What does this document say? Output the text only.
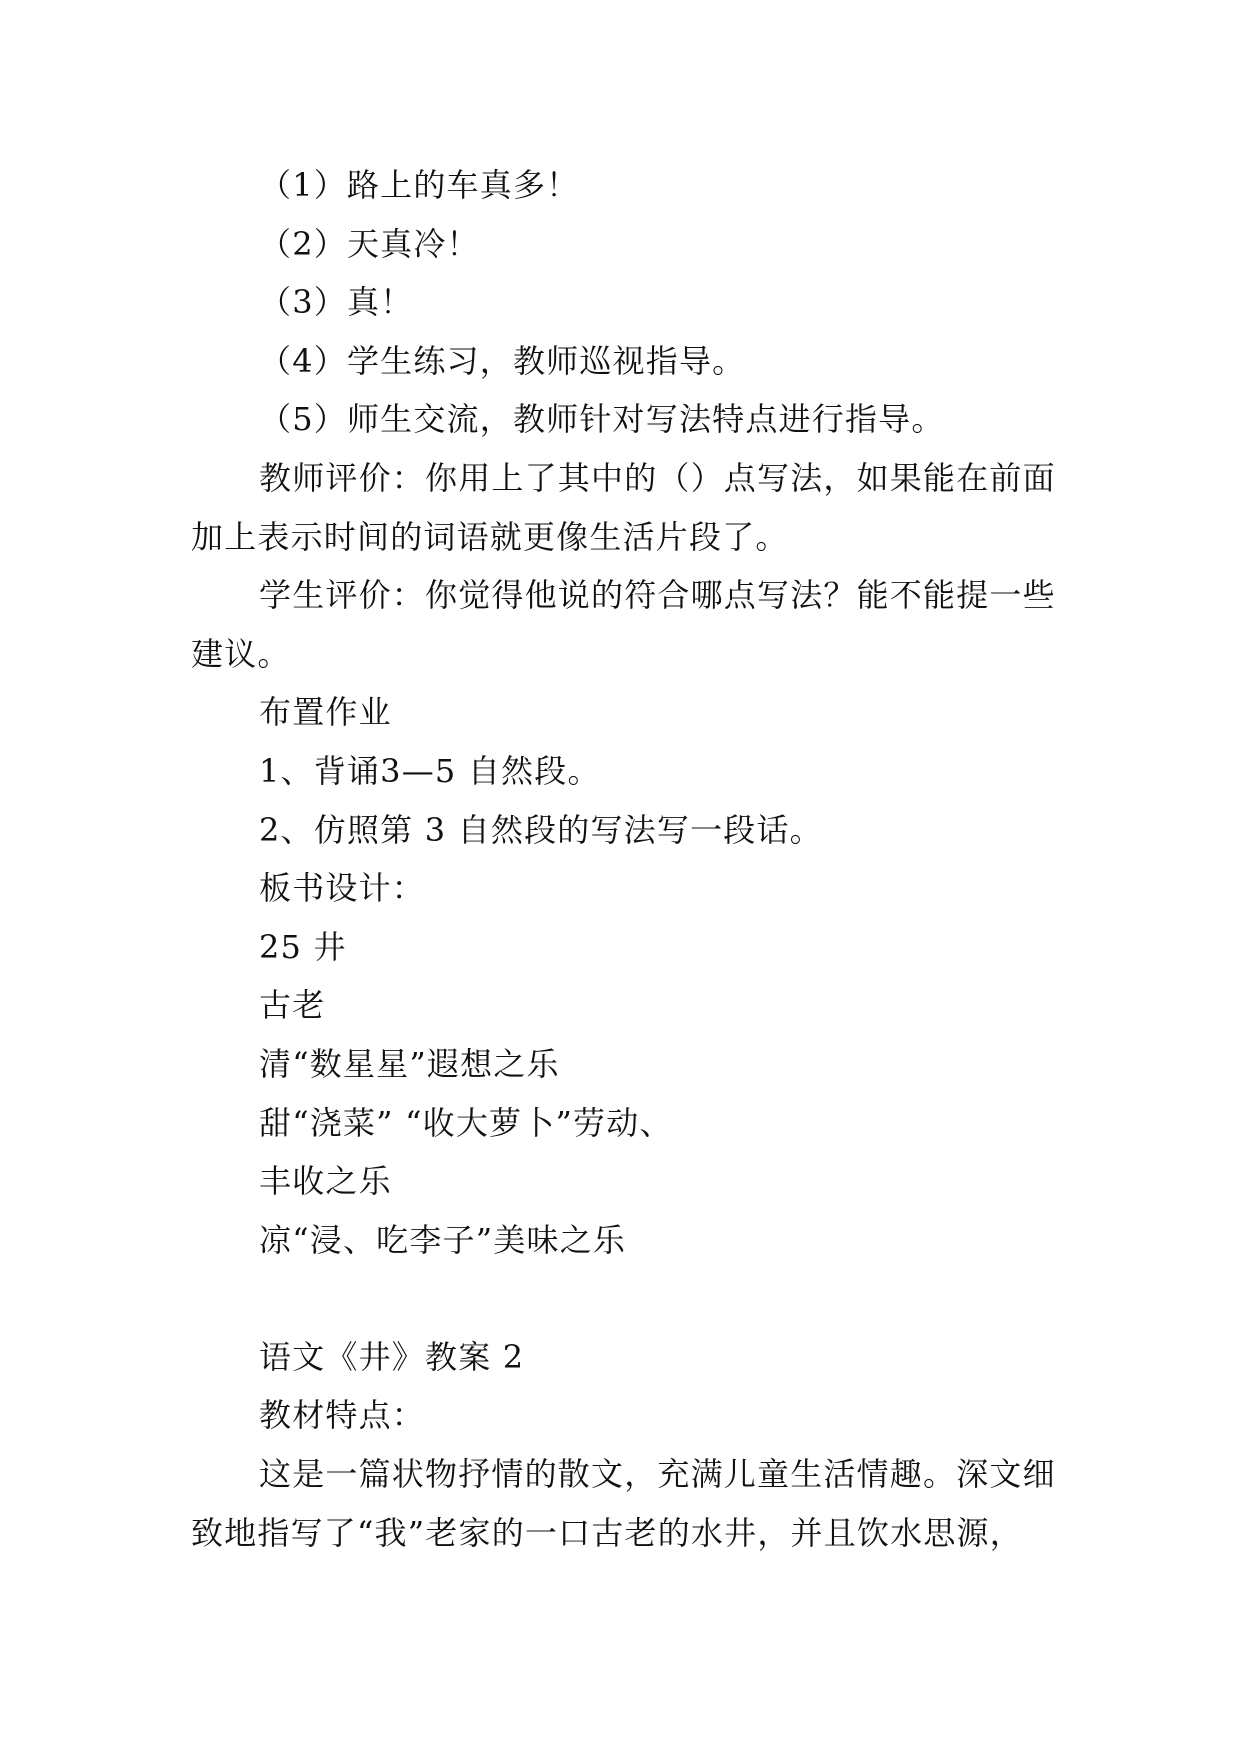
（1）路上的车真多！
（2）天真冷！
（3）真！
（4）学生练习，教师巡视指导。
（5）师生交流，教师针对写法特点进行指导。
教师评价：你用上了其中的（）点写法，如果能在前面
加上表示时间的词语就更像生活片段了。
学生评价：你觉得他说的符合哪点写法？能不能提一些
建议。
布置作业
1、背诵3—5 自然段。
2、仿照第 3 自然段的写法写一段话。
板书设计：
25 井
古老
清“数星星”遐想之乐
甜“浇菜” “收大萝卜”劳动、
丰收之乐
凉“浸、吃李子”美味之乐
语文《井》教案 2
教材特点：
这是一篇状物抒情的散文，充满儿童生活情趣。深文细
致地指写了“我”老家的一口古老的水井，并且饮水思源，
